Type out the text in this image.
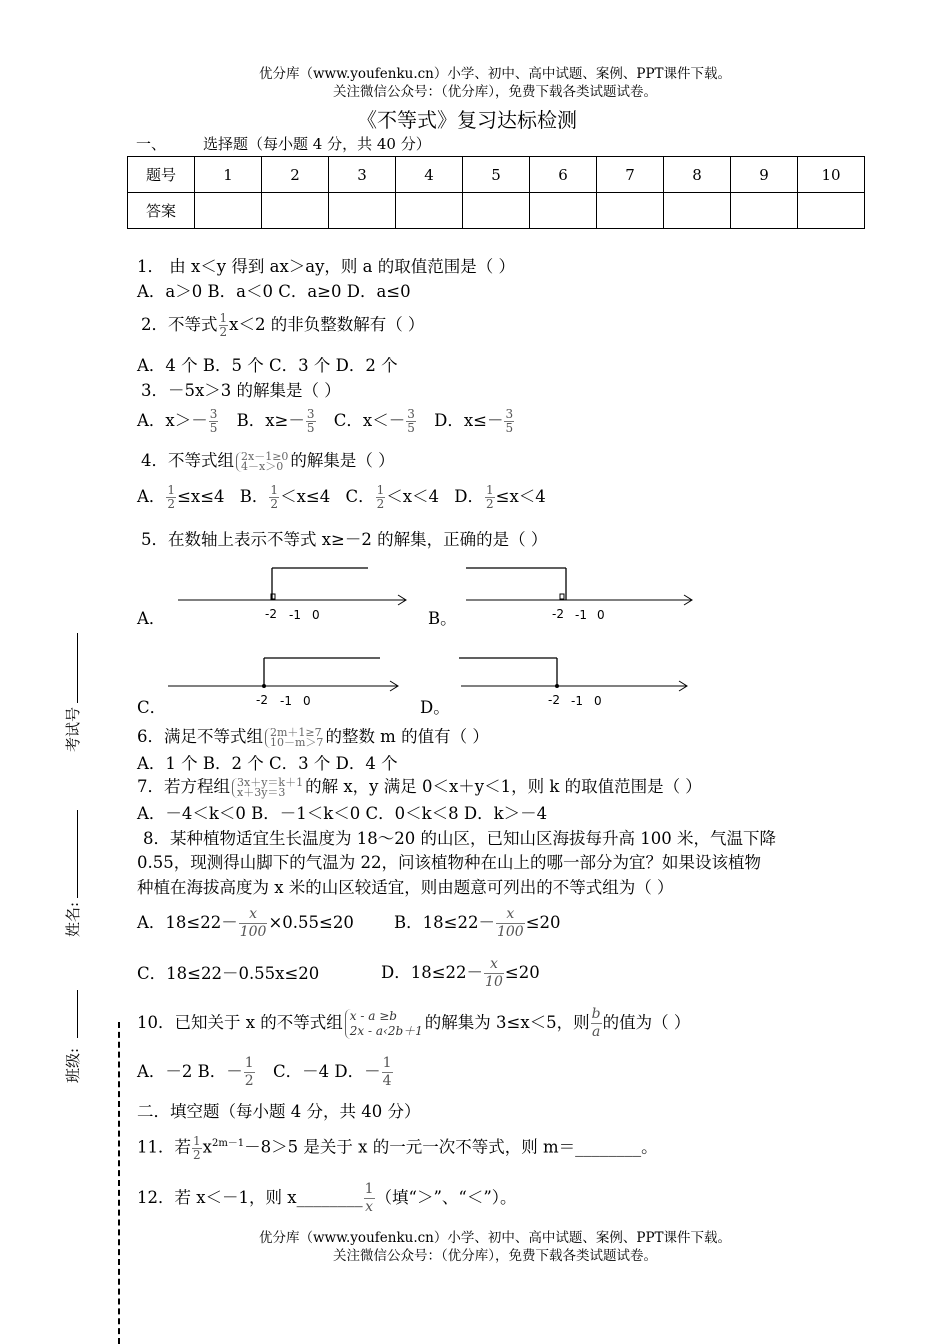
优分库（www.youfenku.cn）小学、初中、高中试题、案例、PPT课件下载。
关注微信公众号：（优分库），免费下载各类试题试卷。
《不等式》复习达标检测
一、 选择题（每小题 4 分，共 40 分）
题号	1	2	3	4	5	6	7	8	9	10
答案										
1． 由 x＜y 得到 ax＞ay，则 a 的取值范围是（ ）
A．a＞0 B．a＜0 C．a≥0 D．a≤0
2．不等式 $\frac{1}{2} x<2$ 的非负整数解有（ ）
A．4 个 B．5 个 C．3 个 D．2 个
3．－5x＞3 的解集是（ ）
A．$x>- \frac{3}{5}$ B．$x\ge- \frac{3}{5}$ C．$x<- \frac{3}{5}$ D．$x\le- \frac{3}{5}$
4．不等式组 2x－1≥0
4－x＞0 的解集是（ ）
A． $\frac{1}{2} \le x\le 4$ B． $\frac{1}{2} <x\le 4$ C． $\frac{1}{2} <x<4$ D． $\frac{1}{2} \le x<4$
5．在数轴上表示不等式 x≥－2 的解集，正确的是（ ）
A．	B。
C．	D。
-2 -1 0	-2 -1 0
-2 -1 0	-2 -1 0
6．满足不等式组 2m＋1≥7
10－m＞7 的整数 m 的值有（ ）
A．1 个 B．2 个 C．3 个 D．4 个
7．若方程组 3x＋y＝k＋1
x＋3y＝3	的解 x，y 满足 0＜x＋y＜1，则 k 的取值范围是（ ）
A．－4＜k＜0 B．－1＜k＜0 C．0＜k＜8 D．k＞－4
8．某种植物适宜生长温度为 18～20 的山区，已知山区海拔每升高 100 米，气温下降
0.55，现测得山脚下的气温为 22，问该植物种在山上的哪一部分为宜？如果设该植物
种植在海拔高度为 x 米的山区较适宜，则由题意可列出的不等式组为（ ）
A．$18\le 22- \frac{x}{100} \times 0.55\le 20$ B．$18\le 22- \frac{x}{100} \le 20$
C．18≤22－0.55x≤20	D．$18\le 22- \frac{x}{10} \le 20$
10．已知关于 x 的不等式组 x - a ≥b
2x - a‹2b＋1 的解集为 3≤x＜5，则 $\frac{b}{a}$ 的值为（ ）
A．－2 B．－ $\frac{1}{2}$ C．－4 D．－ $\frac{1}{4}$
二．填空题（每小题 4 分，共 40 分）
11．若 $\frac{1}{2} x^{2m-1}-8>5$ 是关于 x 的一元一次不等式，则 m＝________。
12．若 x＜－1，则 x________ $\frac{1}{x}$ （填“＞”、“＜”）。
优分库（www.youfenku.cn）小学、初中、高中试题、案例、PPT课件下载。
关注微信公众号：（优分库），免费下载各类试题试卷。
考试号
姓名:
班级:
